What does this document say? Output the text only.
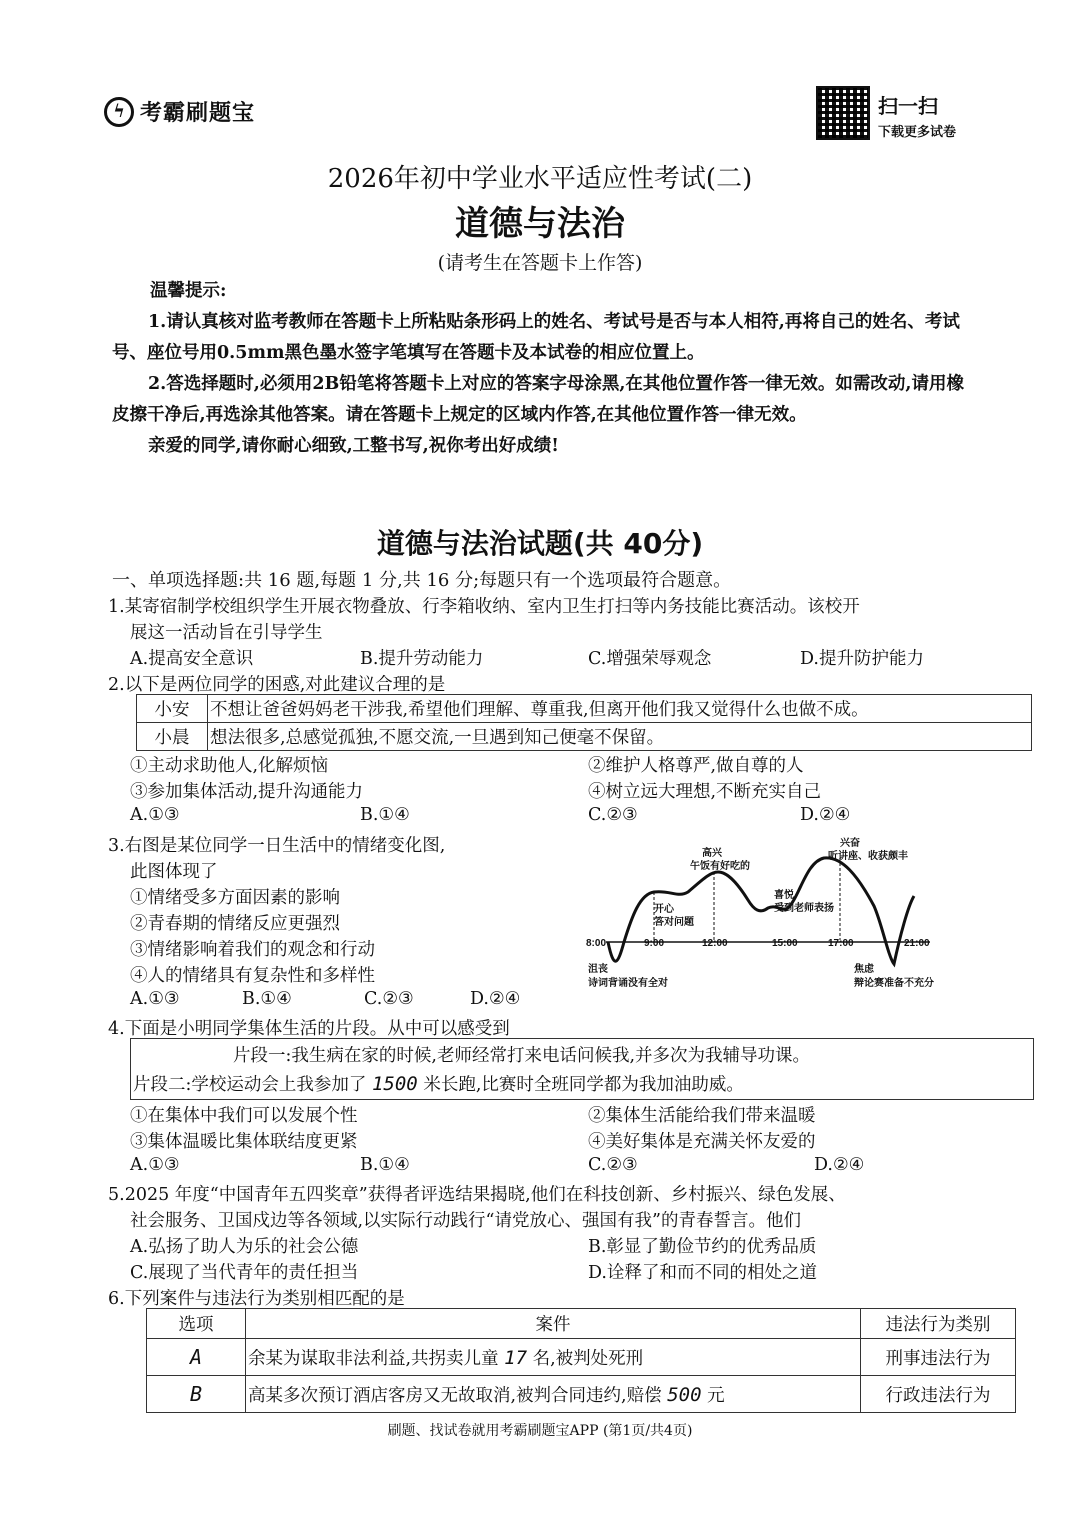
ϟ 考霸刷题宝	扫一扫
下载更多试卷
2026年初中学业水平适应性考试(二)
道德与法治
(请考生在答题卡上作答)

温馨提示:

1.请认真核对监考教师在答题卡上所粘贴条形码上的姓名、考试号是否与本人相符,再将自己的姓名、考试号、座位号用0.5mm黑色墨水签字笔填写在答题卡及本试卷的相应位置上。

2.答选择题时,必须用2B铅笔将答题卡上对应的答案字母涂黑,在其他位置作答一律无效。如需改动,请用橡皮擦干净后,再选涂其他答案。请在答题卡上规定的区域内作答,在其他位置作答一律无效。

亲爱的同学,请你耐心细致,工整书写,祝你考出好成绩!

道德与法治试题(共 40分)
一、单项选择题:共 16 题,每题 1 分,共 16 分;每题只有一个选项最符合题意。
1.某寄宿制学校组织学生开展衣物叠放、行李箱收纳、室内卫生打扫等内务技能比赛活动。该校开
展这一活动旨在引导学生
A.提高安全意识	B.提升劳动能力	C.增强荣辱观念	D.提升防护能力
2.以下是两位同学的困惑,对此建议合理的是
小安	不想让爸爸妈妈老干涉我,希望他们理解、尊重我,但离开他们我又觉得什么也做不成。
小晨	想法很多,总感觉孤独,不愿交流,一旦遇到知己便毫不保留。
①主动求助他人,化解烦恼	②维护人格尊严,做自尊的人
③参加集体活动,提升沟通能力	④树立远大理想,不断充实自己
A.①③	B.①④	C.②③	D.②④
3.右图是某位同学一日生活中的情绪变化图,
此图体现了
①情绪受多方面因素的影响
②青春期的情绪反应更强烈
③情绪影响着我们的观念和行动
④人的情绪具有复杂性和多样性
A.①③	B.①④	C.②③	D.②④
8:00	9:00	12:00	15:00	17:00	21:00
沮丧
诗词背诵没有全对
开心
答对问题
高兴
午饭有好吃的
喜悦
受到老师表扬
兴奋
听讲座、收获颇丰
焦虑
辩论赛准备不充分
4.下面是小明同学集体生活的片段。从中可以感受到
片段一:我生病在家的时候,老师经常打来电话问候我,并多次为我辅导功课。
片段二:学校运动会上我参加了 1500 米长跑,比赛时全班同学都为我加油助威。
①在集体中我们可以发展个性	②集体生活能给我们带来温暖
③集体温暖比集体联结度更紧	④美好集体是充满关怀友爱的
A.①③	B.①④	C.②③	D.②④
5.2025 年度“中国青年五四奖章”获得者评选结果揭晓,他们在科技创新、乡村振兴、绿色发展、
社会服务、卫国戍边等各领域,以实际行动践行“请党放心、强国有我”的青春誓言。他们
A.弘扬了助人为乐的社会公德	B.彰显了勤俭节约的优秀品质
C.展现了当代青年的责任担当	D.诠释了和而不同的相处之道
6.下列案件与违法行为类别相匹配的是
选项	案件	违法行为类别
A	余某为谋取非法利益,共拐卖儿童 17 名,被判处死刑	刑事违法行为
B	高某多次预订酒店客房又无故取消,被判合同违约,赔偿 500 元	行政违法行为
刷题、找试卷就用考霸刷题宝APP (第1页/共4页)
